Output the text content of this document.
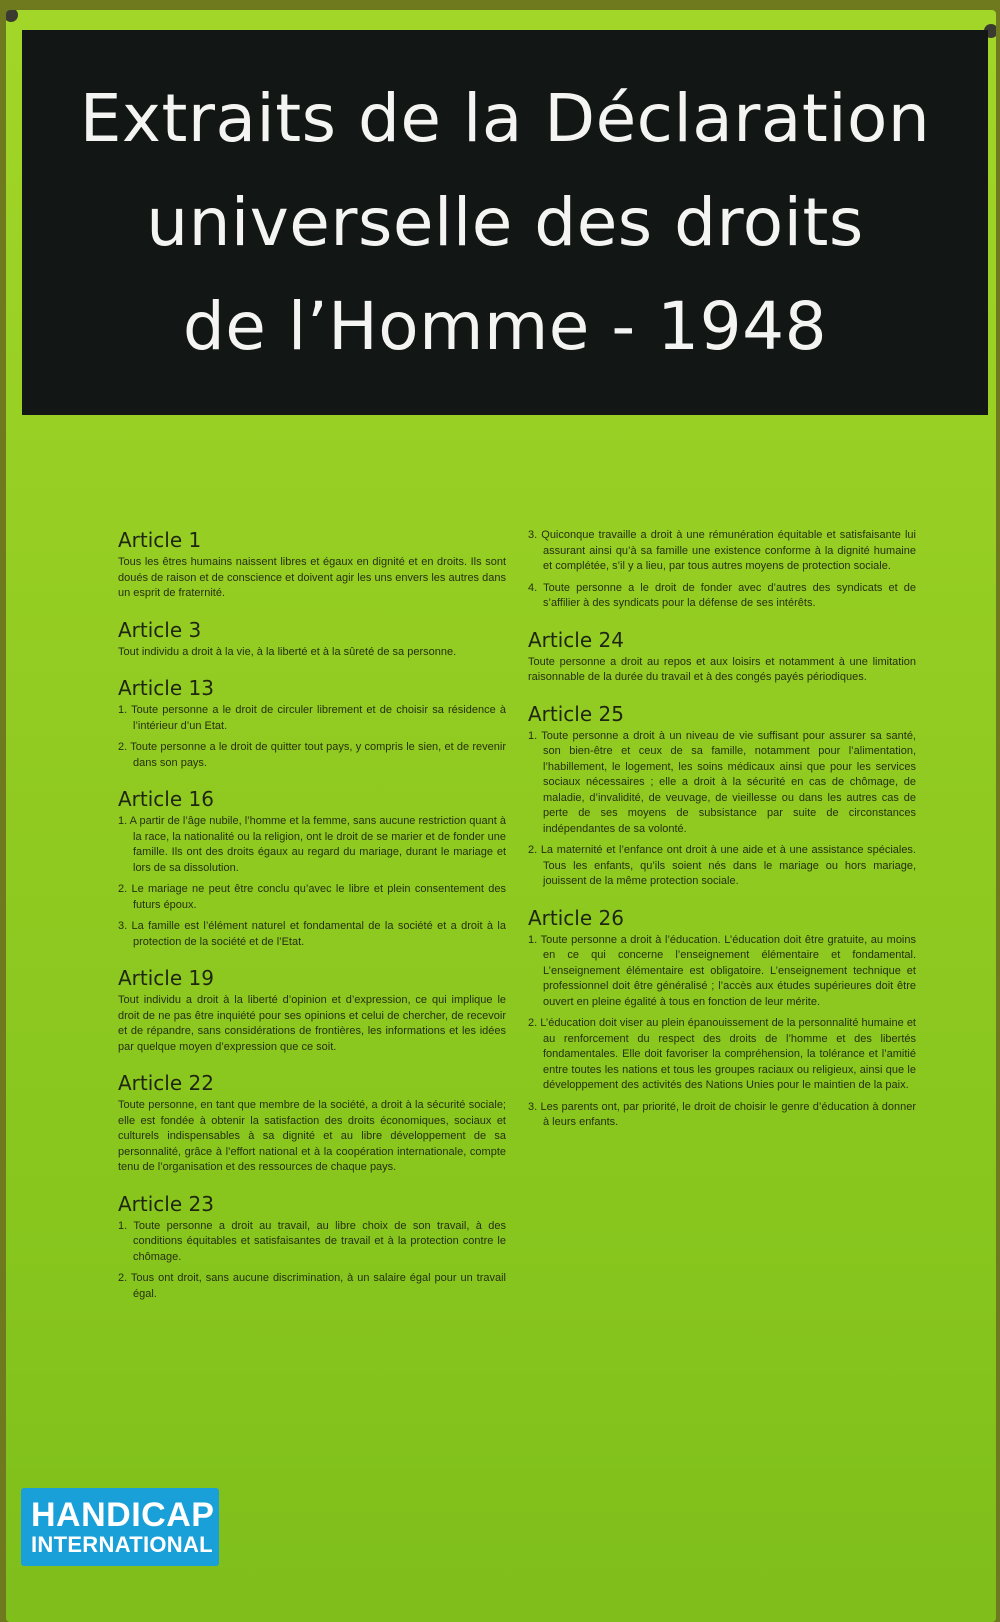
Extraits de la Déclaration
universelle des droits
de l’Homme - 1948
Article 1
Tous les êtres humains naissent libres et égaux en dignité et en droits. Ils sont doués de raison et de conscience et doivent agir les uns envers les autres dans un esprit de fraternité.
Article 3
Tout individu a droit à la vie, à la liberté et à la sûreté de sa personne.
Article 13
1. Toute personne a le droit de circuler librement et de choisir sa résidence à l’intérieur d’un Etat.
2. Toute personne a le droit de quitter tout pays, y compris le sien, et de revenir dans son pays.
Article 16
1. A partir de l’âge nubile, l’homme et la femme, sans aucune restriction quant à la race, la nationalité ou la religion, ont le droit de se marier et de fonder une famille. Ils ont des droits égaux au regard du mariage, durant le mariage et lors de sa dissolution.
2. Le mariage ne peut être conclu qu’avec le libre et plein consentement des futurs époux.
3. La famille est l’élément naturel et fondamental de la société et a droit à la protection de la société et de l’Etat.
Article 19
Tout individu a droit à la liberté d’opinion et d’expression, ce qui implique le droit de ne pas être inquiété pour ses opinions et celui de chercher, de recevoir et de répandre, sans considérations de frontières, les informations et les idées par quelque moyen d’expression que ce soit.
Article 22
Toute personne, en tant que membre de la société, a droit à la sécurité sociale; elle est fondée à obtenir la satisfaction des droits économiques, sociaux et culturels indispensables à sa dignité et au libre développement de sa personnalité, grâce à l’effort national et à la coopération internationale, compte tenu de l’organisation et des ressources de chaque pays.
Article 23
1. Toute personne a droit au travail, au libre choix de son travail, à des conditions équitables et satisfaisantes de travail et à la protection contre le chômage.
2. Tous ont droit, sans aucune discrimination, à un salaire égal pour un travail égal.
3. Quiconque travaille a droit à une rémunération équitable et satisfaisante lui assurant ainsi qu’à sa famille une existence conforme à la dignité humaine et complétée, s’il y a lieu, par tous autres moyens de protection sociale.
4. Toute personne a le droit de fonder avec d’autres des syndicats et de s’affilier à des syndicats pour la défense de ses intérêts.
Article 24
Toute personne a droit au repos et aux loisirs et notamment à une limitation raisonnable de la durée du travail et à des congés payés périodiques.
Article 25
1. Toute personne a droit à un niveau de vie suffisant pour assurer sa santé, son bien-être et ceux de sa famille, notamment pour l’alimentation, l’habillement, le logement, les soins médicaux ainsi que pour les services sociaux nécessaires ; elle a droit à la sécurité en cas de chômage, de maladie, d’invalidité, de veuvage, de vieillesse ou dans les autres cas de perte de ses moyens de subsistance par suite de circonstances indépendantes de sa volonté.
2. La maternité et l’enfance ont droit à une aide et à une assistance spéciales. Tous les enfants, qu’ils soient nés dans le mariage ou hors mariage, jouissent de la même protection sociale.
Article 26
1. Toute personne a droit à l’éducation. L’éducation doit être gratuite, au moins en ce qui concerne l’enseignement élémentaire et fondamental. L’enseignement élémentaire est obligatoire. L’enseignement technique et professionnel doit être généralisé ; l’accès aux études supérieures doit être ouvert en pleine égalité à tous en fonction de leur mérite.
2. L’éducation doit viser au plein épanouissement de la personnalité humaine et au renforcement du respect des droits de l’homme et des libertés fondamentales. Elle doit favoriser la compréhension, la tolérance et l’amitié entre toutes les nations et tous les groupes raciaux ou religieux, ainsi que le développement des activités des Nations Unies pour le maintien de la paix.
3. Les parents ont, par priorité, le droit de choisir le genre d’éducation à donner à leurs enfants.
HANDICAP
INTERNATIONAL
